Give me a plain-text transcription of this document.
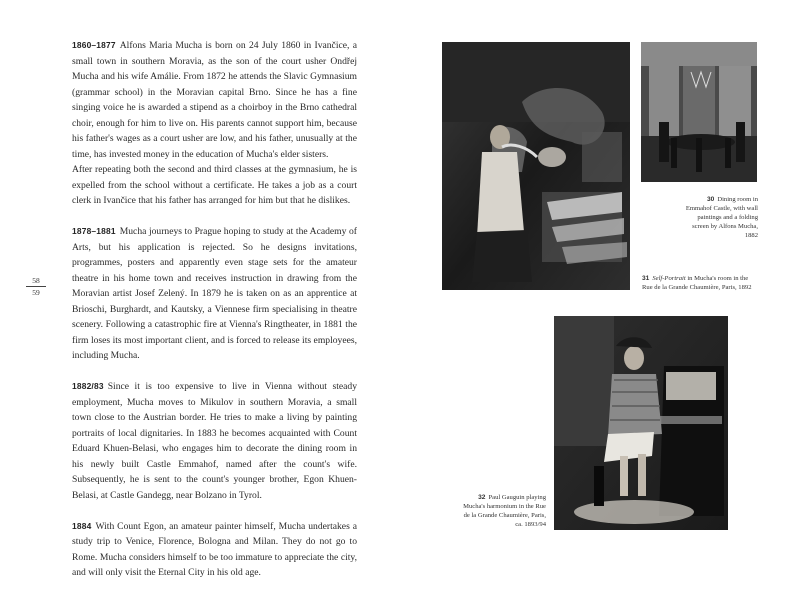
58
59
1860–1877 Alfons Maria Mucha is born on 24 July 1860 in Ivančice, a small town in southern Moravia, as the son of the court usher Ondřej Mucha and his wife Amálie. From 1872 he attends the Slavic Gymnasium (grammar school) in the Moravian capital Brno. Since he has a fine singing voice he is awarded a stipend as a choirboy in the Brno cathedral choir, enough for him to live on. His parents cannot support him, because his father's wages as a court usher are low, and his father, unusually at the time, has invested money in the education of Mucha's elder sisters.
After repeating both the second and third classes at the gymnasium, he is expelled from the school without a certificate. He takes a job as a court clerk in Ivančice that his father has arranged for him but that he dislikes.
1878–1881 Mucha journeys to Prague hoping to study at the Academy of Arts, but his application is rejected. So he designs invitations, programmes, posters and apparently even stage sets for the amateur theatre in his home town and receives instruction in drawing from the Moravian artist Josef Zelený. In 1879 he is taken on as an apprentice at Brioschi, Burghardt, and Kautsky, a Viennese firm specialising in theatre scenery. Following a catastrophic fire at Vienna's Ringtheater, in 1881 the firm loses its most important client, and is forced to release its employees, including Mucha.
1882/83 Since it is too expensive to live in Vienna without steady employment, Mucha moves to Mikulov in southern Moravia, a small town close to the Austrian border. He tries to make a living by painting portraits of local dignitaries. In 1883 he becomes acquainted with Count Eduard Khuen-Belasi, who engages him to decorate the dining room in his newly built Castle Emmahof, named after the count's wife. Subsequently, he is sent to the count's younger brother, Egon Khuen-Belasi, at Castle Gandegg, near Bolzano in Tyrol.
1884 With Count Egon, an amateur painter himself, Mucha undertakes a study trip to Venice, Florence, Bologna and Milan. They do not go to Rome. Mucha considers himself to be too immature to appreciate the city, and will only visit the Eternal City in his old age.
30 Dining room in Emmahof Castle, with wall paintings and a folding screen by Alfons Mucha, 1882
31 Self-Portrait in Mucha's room in the Rue de la Grande Chaumière, Paris, 1892
32 Paul Gauguin playing Mucha's harmonium in the Rue de la Grande Chaumière, Paris, ca. 1893/94
